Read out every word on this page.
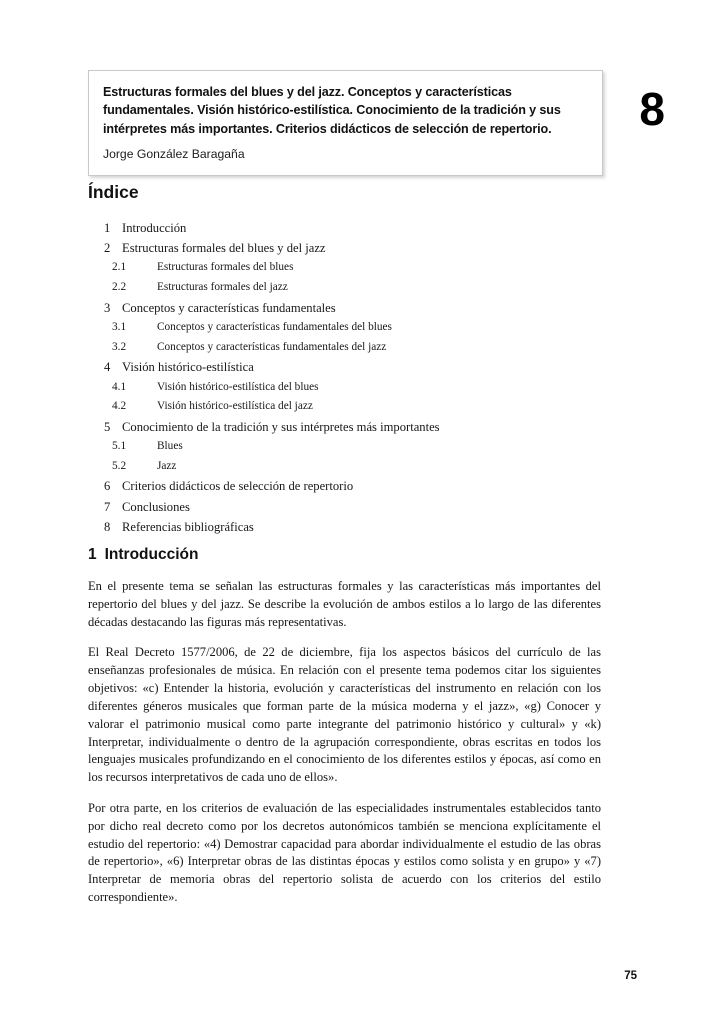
Estructuras formales del blues y del jazz. Conceptos y características fundamentales. Visión histórico-estilística. Conocimiento de la tradición y sus intérpretes más importantes. Criterios didácticos de selección de repertorio.

Jorge González Baragaña

8
Índice
1 Introducción
2 Estructuras formales del blues y del jazz
2.1	Estructuras formales del blues
2.2	Estructuras formales del jazz
3 Conceptos y características fundamentales
3.1	Conceptos y características fundamentales del blues
3.2	Conceptos y características fundamentales del jazz
4 Visión histórico-estilística
4.1	Visión histórico-estilística del blues
4.2	Visión histórico-estilística del jazz
5 Conocimiento de la tradición y sus intérpretes más importantes
5.1	Blues
5.2	Jazz
6 Criterios didácticos de selección de repertorio
7 Conclusiones
8 Referencias bibliográficas
1 Introducción

En el presente tema se señalan las estructuras formales y las características más importantes del repertorio del blues y del jazz. Se describe la evolución de ambos estilos a lo largo de las diferentes décadas destacando las figuras más representativas.

El Real Decreto 1577/2006, de 22 de diciembre, fija los aspectos básicos del currículo de las enseñanzas profesionales de música. En relación con el presente tema podemos citar los siguientes objetivos: «c) Entender la historia, evolución y características del instrumento en relación con los diferentes géneros musicales que forman parte de la música moderna y el jazz», «g) Conocer y valorar el patrimonio musical como parte integrante del patrimonio histórico y cultural» y «k) Interpretar, individualmente o dentro de la agrupación correspondiente, obras escritas en todos los lenguajes musicales profundizando en el conocimiento de los diferentes estilos y épocas, así como en los recursos interpretativos de cada uno de ellos».

Por otra parte, en los criterios de evaluación de las especialidades instrumentales establecidos tanto por dicho real decreto como por los decretos autonómicos también se menciona explícitamente el estudio del repertorio: «4) Demostrar capacidad para abordar individualmente el estudio de las obras de repertorio», «6) Interpretar obras de las distintas épocas y estilos como solista y en grupo» y «7) Interpretar de memoria obras del repertorio solista de acuerdo con los criterios del estilo correspondiente».

75
